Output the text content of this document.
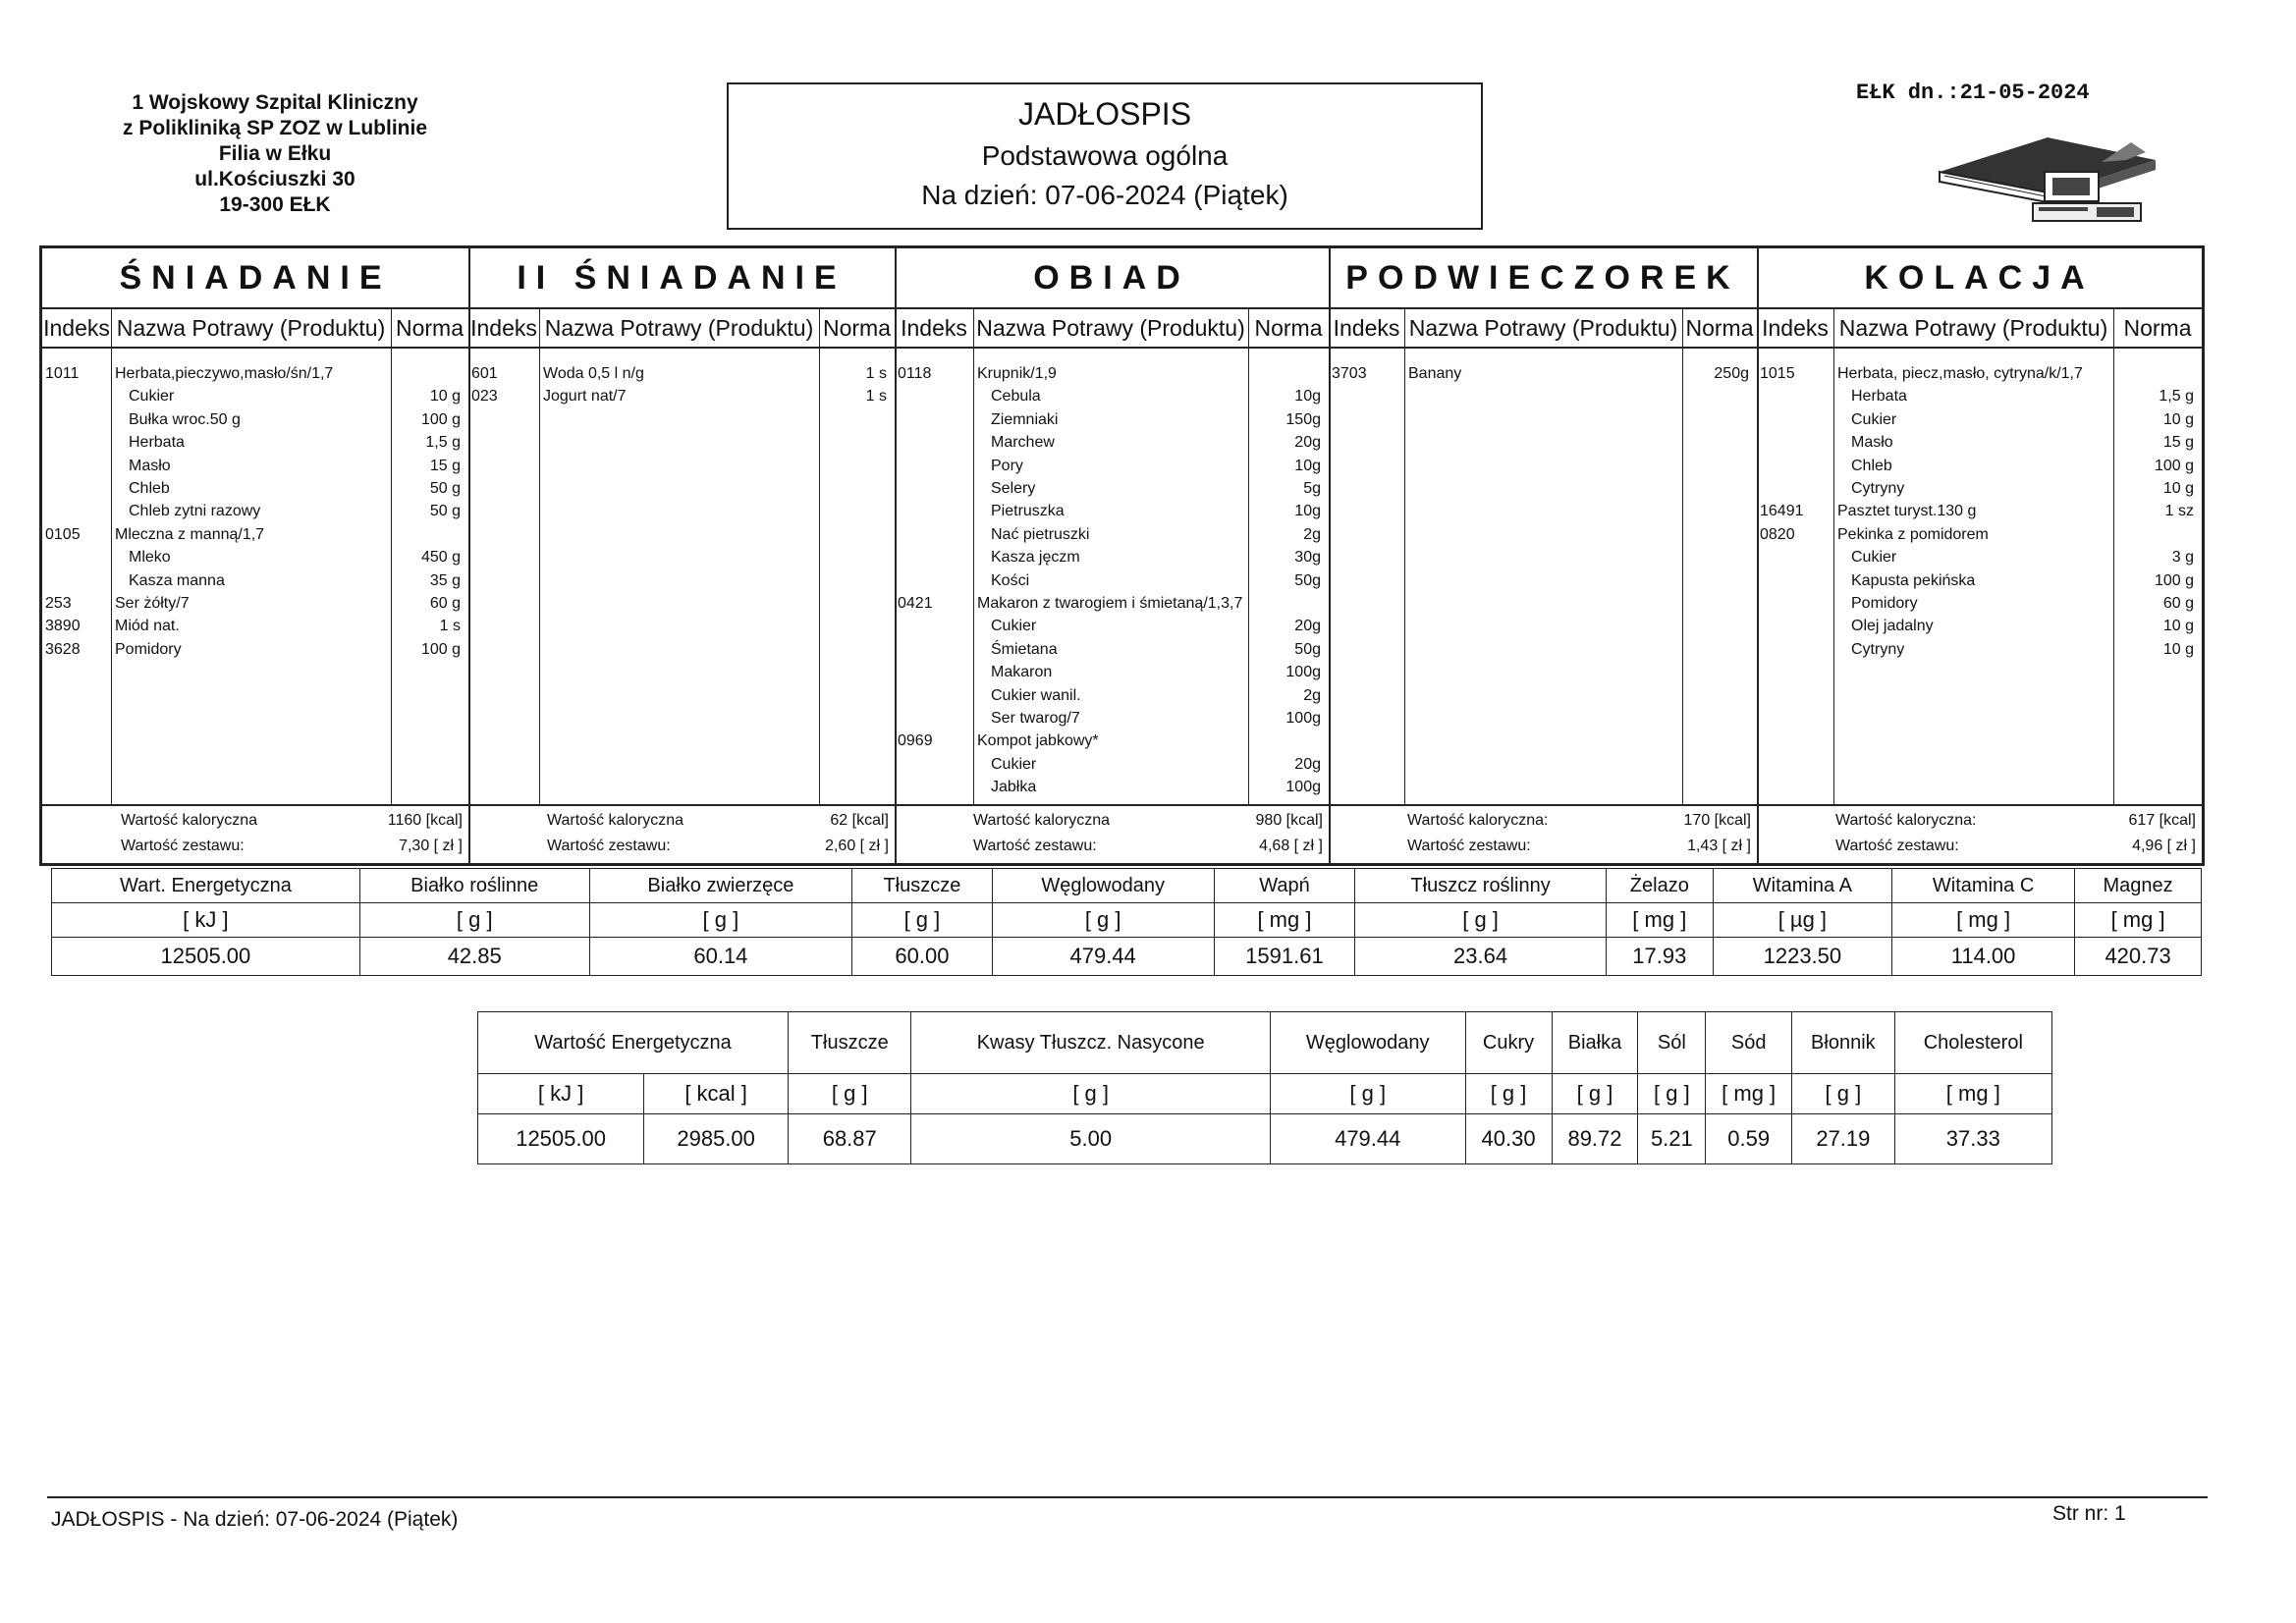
1 Wojskowy Szpital Kliniczny
z Polikliniką SP ZOZ w Lublinie
Filia w Ełku
ul.Kościuszki 30
19-300 EŁK
JADŁOSPIS
Podstawowa ogólna
Na dzień: 07-06-2024 (Piątek)
EŁK dn.:21-05-2024
ŚNIADANIE
Indeks Nazwa Potrawy (Produktu) Norma
1011 Herbata,pieczywo,masło/śn/1,7
Cukier	10 g
Bułka wroc.50 g	100 g
Herbata	1,5 g
Masło	15 g
Chleb	50 g
Chleb zytni razowy	50 g
0105 Mleczna z manną/1,7
Mleko	450 g
Kasza manna	35 g
253	Ser żółty/7	60 g
3890 Miód nat.	1 s
3628 Pomidory	100 g
Wartość kaloryczna	1160 [kcal]
Wartość zestawu:	7,30 [ zł ]
II ŚNIADANIE
Indeks Nazwa Potrawy (Produktu) Norma
601	Woda 0,5 l n/g	1 s
023	Jogurt nat/7	1 s
Wartość kaloryczna	62 [kcal]
Wartość zestawu:	2,60 [ zł ]
OBIAD
Indeks Nazwa Potrawy (Produktu) Norma
0118	Krupnik/1,9
Cebula	10g
Ziemniaki	150g
Marchew	20g
Pory	10g
Selery	5g
Pietruszka	10g
Nać pietruszki	2g
Kasza jęczm	30g
Kości	50g
0421	Makaron z twarogiem i śmietaną/1,3,7
Cukier	20g
Śmietana	50g
Makaron	100g
Cukier wanil.	2g
Ser twarog/7	100g
0969	Kompot jabkowy*
Cukier	20g
Jabłka	100g
Wartość kaloryczna	980 [kcal]
Wartość zestawu:	4,68 [ zł ]
PODWIECZOREK
Indeks Nazwa Potrawy (Produktu) Norma
3703	Banany	250g
Wartość kaloryczna:	170 [kcal]
Wartość zestawu:	1,43 [ zł ]
KOLACJA
Indeks Nazwa Potrawy (Produktu) Norma
1015	Herbata, piecz,masło, cytryna/k/1,7
Herbata	1,5 g
Cukier	10 g
Masło	15 g
Chleb	100 g
Cytryny	10 g
16491 Pasztet turyst.130 g	1 sz
0820	Pekinka z pomidorem
Cukier	3 g
Kapusta pekińska	100 g
Pomidory	60 g
Olej jadalny	10 g
Cytryny	10 g
Wartość kaloryczna:	617 [kcal]
Wartość zestawu:	4,96 [ zł ]
Wart. Energetyczna	Białko roślinne	Białko zwierzęce	Tłuszcze	Węglowodany	Wapń	Tłuszcz roślinny	Żelazo	Witamina A	Witamina C	Magnez
[ kJ ]	[ g ]	[ g ]	[ g ]	[ g ]	[ mg ]	[ g ]	[ mg ]	[ µg ]	[ mg ]	[ mg ]
12505.00	42.85	60.14	60.00	479.44	1591.61	23.64	17.93	1223.50	114.00	420.73
Wartość Energetyczna		Tłuszcze	Kwasy Tłuszcz. Nasycone	Węglowodany	Cukry	Białka	Sól	Sód	Błonnik	Cholesterol
[ kJ ]	[ kcal ]	[ g ]	[ g ]	[ g ]	[ g ]	[ g ]	[ g ]	[ mg ]	[ g ]	[ mg ]
12505.00	2985.00	68.87	5.00	479.44	40.30	89.72	5.21	0.59	27.19	37.33
JADŁOSPIS - Na dzień: 07-06-2024 (Piątek)	Str nr: 1
